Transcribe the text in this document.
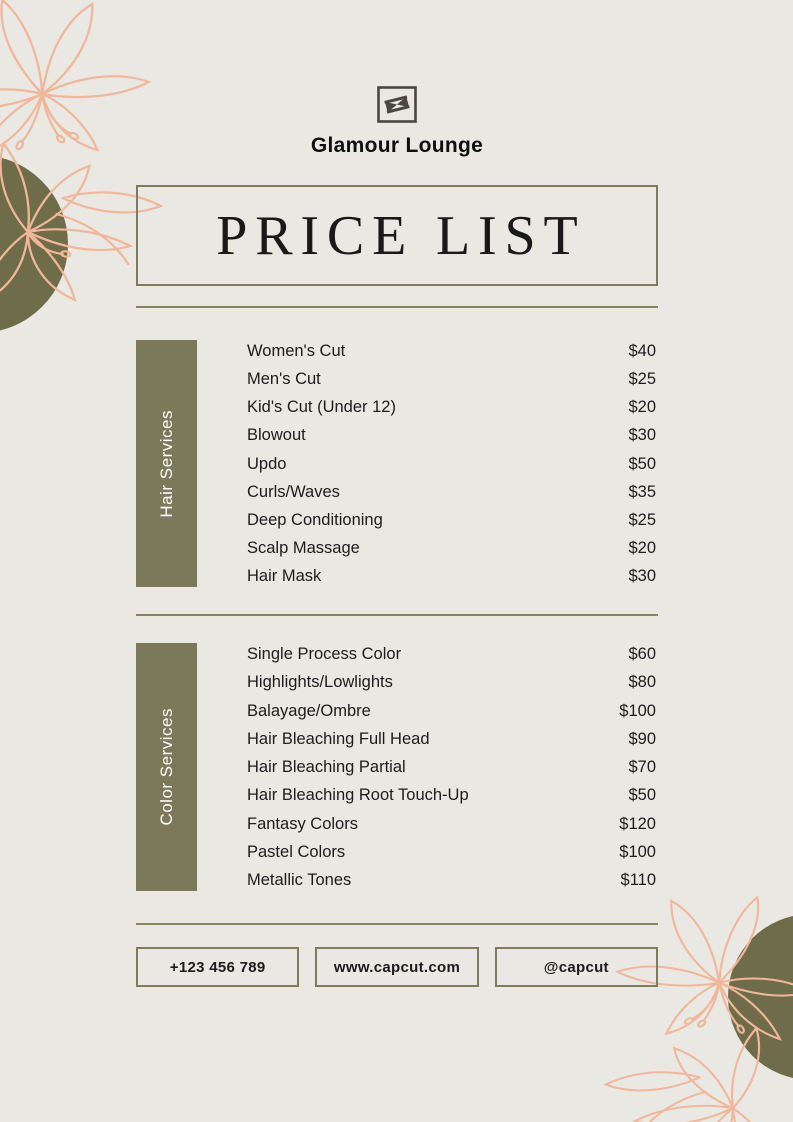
Glamour Lounge
PRICE LIST
Hair Services
Women's Cut	$40
Men's Cut	$25
Kid's Cut (Under 12)	$20
Blowout	$30
Updo	$50
Curls/Waves	$35
Deep Conditioning	$25
Scalp Massage	$20
Hair Mask	$30
Color Services
Single Process Color	$60
Highlights/Lowlights	$80
Balayage/Ombre	$100
Hair Bleaching Full Head	$90
Hair Bleaching Partial	$70
Hair Bleaching Root Touch-Up	$50
Fantasy Colors	$120
Pastel Colors	$100
Metallic Tones	$110
+123 456 789	www.capcut.com	@capcut
